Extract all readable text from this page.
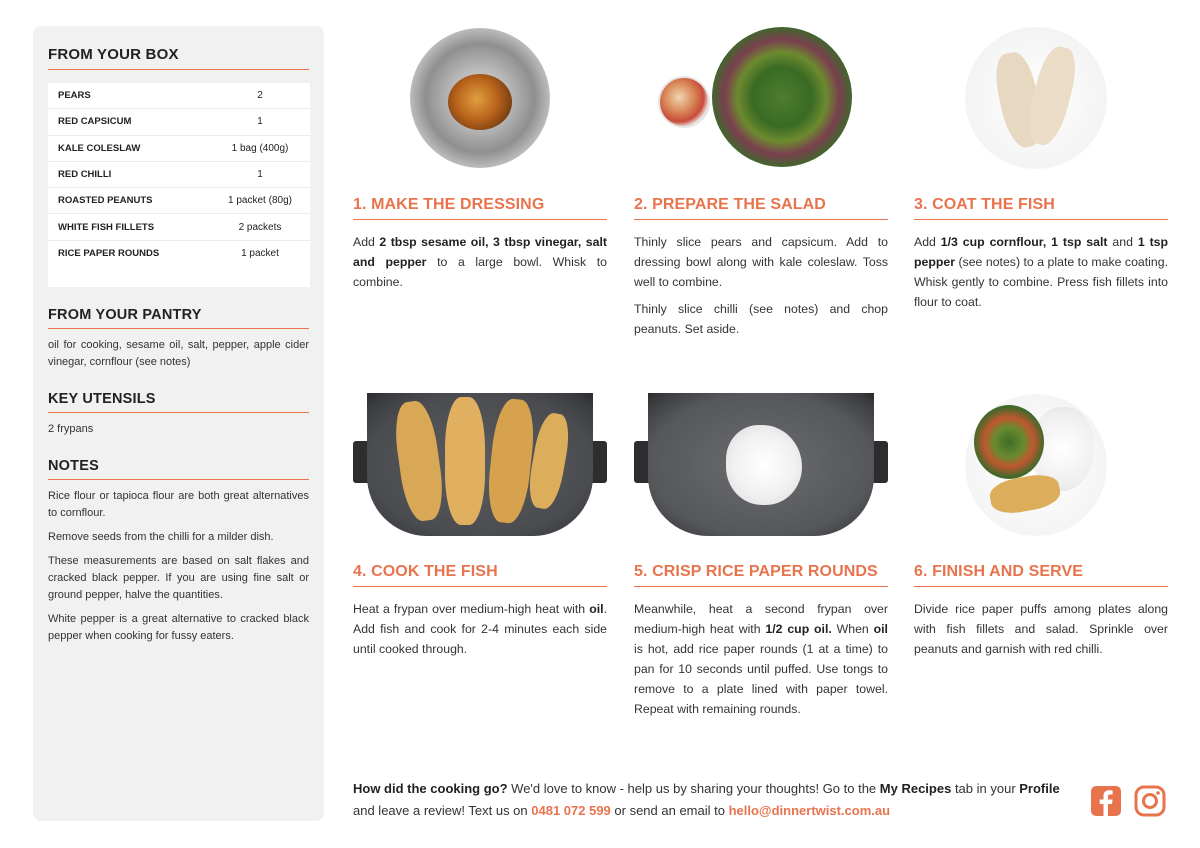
FROM YOUR BOX
PEARS	2
RED CAPSICUM	1
KALE COLESLAW	1 bag (400g)
RED CHILLI	1
ROASTED PEANUTS	1 packet (80g)
WHITE FISH FILLETS	2 packets
RICE PAPER ROUNDS	1 packet
FROM YOUR PANTRY
oil for cooking, sesame oil, salt, pepper, apple cider vinegar, cornflour (see notes)
KEY UTENSILS
2 frypans
NOTES

Rice flour or tapioca flour are both great alternatives to cornflour.

Remove seeds from the chilli for a milder dish.

These measurements are based on salt flakes and cracked black pepper. If you are using fine salt or ground pepper, halve the quantities.

White pepper is a great alternative to cracked black pepper when cooking for fussy eaters.

1. MAKE THE DRESSING

Add 2 tbsp sesame oil, 3 tbsp vinegar, salt and pepper to a large bowl. Whisk to combine.

2. PREPARE THE SALAD

Thinly slice pears and capsicum. Add to dressing bowl along with kale coleslaw. Toss well to combine.

Thinly slice chilli (see notes) and chop peanuts. Set aside.

3. COAT THE FISH

Add 1/3 cup cornflour, 1 tsp salt and 1 tsp pepper (see notes) to a plate to make coating. Whisk gently to combine. Press fish fillets into flour to coat.

4. COOK THE FISH

Heat a frypan over medium-high heat with oil. Add fish and cook for 2-4 minutes each side until cooked through.

5. CRISP RICE PAPER ROUNDS

Meanwhile, heat a second frypan over medium-high heat with 1/2 cup oil. When oil is hot, add rice paper rounds (1 at a time) to pan for 10 seconds until puffed. Use tongs to remove to a plate lined with paper towel. Repeat with remaining rounds.

6. FINISH AND SERVE

Divide rice paper puffs among plates along with fish fillets and salad. Sprinkle over peanuts and garnish with red chilli.

How did the cooking go? We'd love to know - help us by sharing your thoughts! Go to the My Recipes tab in your Profile and leave a review! Text us on 0481 072 599 or send an email to hello@dinnertwist.com.au
